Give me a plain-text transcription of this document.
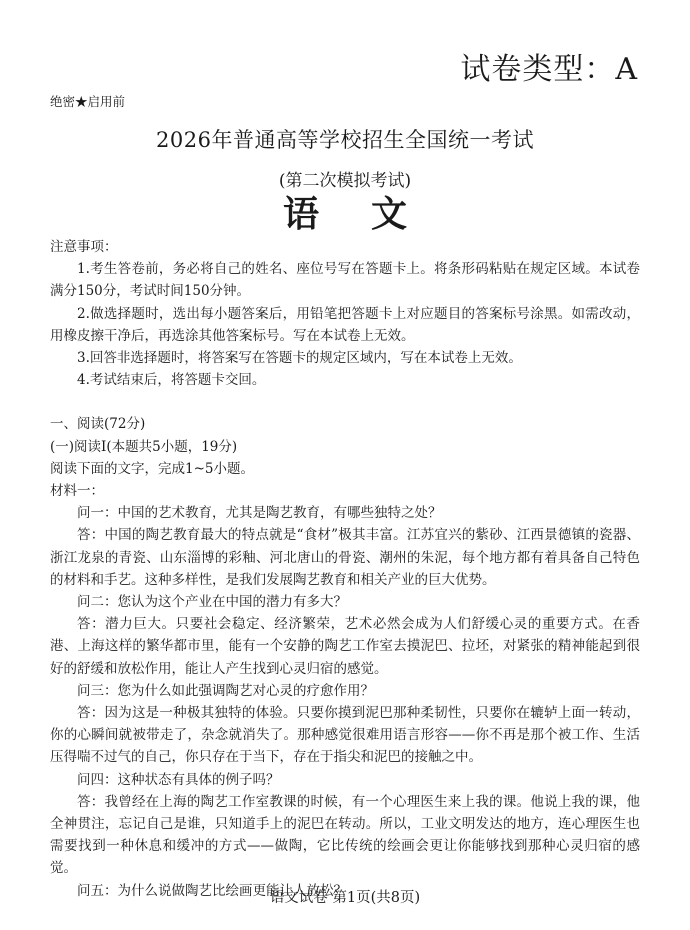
试卷类型：A
绝密★启用前
2026年普通高等学校招生全国统一考试
(第二次模拟考试)
语文

注意事项：

1.考生答卷前，务必将自己的姓名、座位号写在答题卡上。将条形码粘贴在规定区域。本试卷满分150分，考试时间150分钟。

2.做选择题时，选出每小题答案后，用铅笔把答题卡上对应题目的答案标号涂黑。如需改动，用橡皮擦干净后，再选涂其他答案标号。写在本试卷上无效。

3.回答非选择题时，将答案写在答题卡的规定区域内，写在本试卷上无效。

4.考试结束后，将答题卡交回。

一、阅读(72分)

(一)阅读Ⅰ(本题共5小题，19分)

阅读下面的文字，完成1~5小题。

材料一：

问一：中国的艺术教育，尤其是陶艺教育，有哪些独特之处？

答：中国的陶艺教育最大的特点就是“食材”极其丰富。江苏宜兴的紫砂、江西景德镇的瓷器、浙江龙泉的青瓷、山东淄博的彩釉、河北唐山的骨瓷、潮州的朱泥，每个地方都有着具备自己特色的材料和手艺。这种多样性，是我们发展陶艺教育和相关产业的巨大优势。

问二：您认为这个产业在中国的潜力有多大？

答：潜力巨大。只要社会稳定、经济繁荣，艺术必然会成为人们舒缓心灵的重要方式。在香港、上海这样的繁华都市里，能有一个安静的陶艺工作室去摸泥巴、拉坯，对紧张的精神能起到很好的舒缓和放松作用，能让人产生找到心灵归宿的感觉。

问三：您为什么如此强调陶艺对心灵的疗愈作用？

答：因为这是一种极其独特的体验。只要你摸到泥巴那种柔韧性，只要你在辘轳上面一转动，你的心瞬间就被带走了，杂念就消失了。那种感觉很难用语言形容——你不再是那个被工作、生活压得喘不过气的自己，你只存在于当下，存在于指尖和泥巴的接触之中。

问四：这种状态有具体的例子吗？

答：我曾经在上海的陶艺工作室教课的时候，有一个心理医生来上我的课。他说上我的课，他全神贯注，忘记自己是谁，只知道手上的泥巴在转动。所以，工业文明发达的地方，连心理医生也需要找到一种休息和缓冲的方式——做陶，它比传统的绘画会更让你能够找到那种心灵归宿的感觉。

问五：为什么说做陶艺比绘画更能让人放松？

语文试卷 第1页(共8页)
